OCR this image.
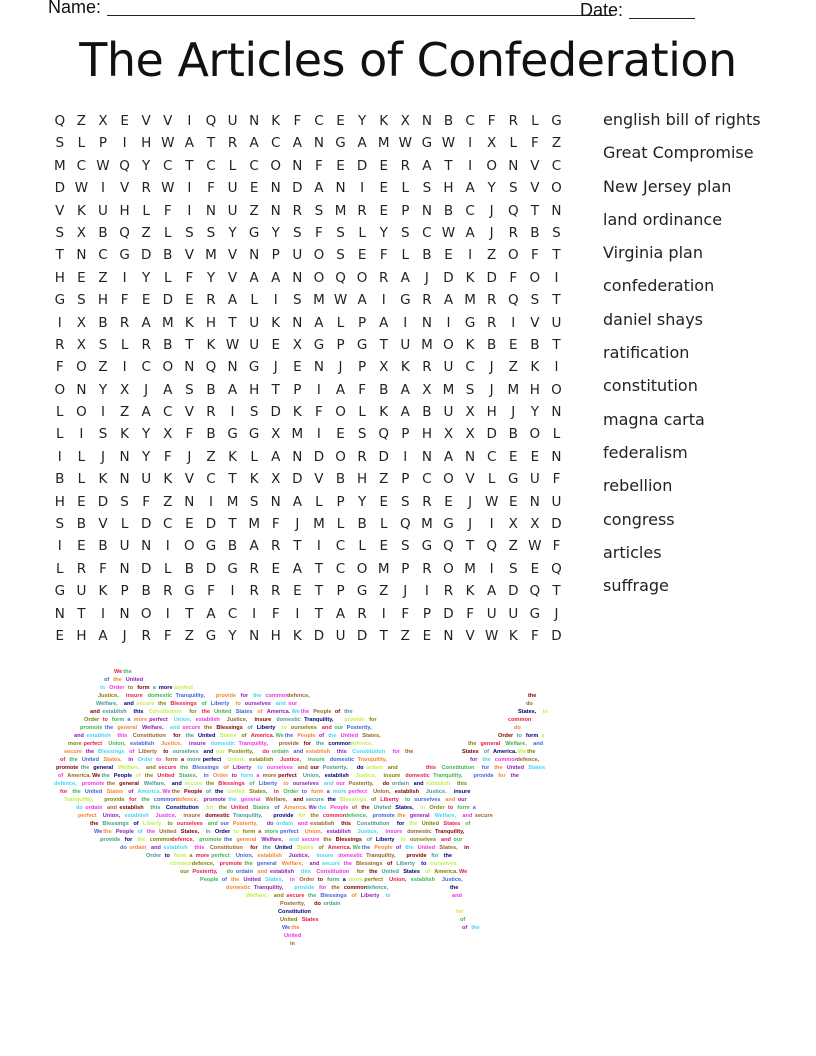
Name:	Date:
The Articles of Confederation
Q Z X E V V	I	Q U N K F C E Y K X N B C F R L G
S	L	P	I	H W A T R A C A N G A M W G W I	X L	F Z
M C W Q Y C T C L C O N F E D E R A T	I	O N V C
D W I	V R W I	F U E N D A N	I	E	L	S H A Y S V O
V K U H L	F	I	N U Z N R S M R E P N B C	J	Q T N
S X B Q Z L	S S Y G Y S F S	L	Y S C W A	J	R B S
T N C G D B V M V N P U O S E F	L B E	I	Z O F	T
H E Z	I	Y	L	F	Y V A A N O Q O R A	J	D K D F O	I
G S H F E D E R A L	I	S M W A	I	G R A M R Q S T
I	X B R A M K H T U K N A L	P A	I	N	I	G R	I	V U
R X S	L R B T K W U E X G P G T U M O K B E B T
F O Z	I	C O N Q N G	J	E N	J	P X K R U C	J	Z K	I
O N Y X	J	A S B A H T P	I	A F B A X M S	J	M H O
L O	I	Z A C V R	I	S D K F O L K A B U X H	J	Y N
L	I	S K Y X F B G G X M	I	E S Q P H X X D B O L
I	L	J	N Y	F	J	Z K L A N D O R D	I	N A N C E E N
B L K N U K V C T K X D V B H Z P C O V L G U F
H E D S F Z N	I	M S N A L	P Y E S R E	J W E N U
S B V L D C E D T M F	J	M L B L Q M G	J	I	X X D
I	E B U N	I	O G B A R T	I	C L	E S G Q T Q Z W F
L R F N D L B D G R E A T C O M P R O M	I	S E Q
G U K P B R G F	I	R R E T P G Z	J	I	R K A D Q T
N T	I	N O	I	T A C	I	F	I	T A R	I	F	P D F U U G	J
E H A	J	R F Z G Y N H K D U D T Z E N V W K F D
english bill of rights
Great Compromise
New Jersey plan
land ordinance
Virginia plan
confederation
daniel shays
ratification
constitution
magna carta
federalism
rebellion
congress
articles
suffrage
We the
of the United
in Order to form a more perfect
Justice, insure domestic Tranquility, provide for the common
defence,	the
Welfare, and secure the Blessings of Liberty to ourselves and our	do
and establish this Constitution for the United States of America. We the People of the	States, in
Order to form a more perfect Union, establish Justice, insure domestic Tranquility, provide for	common
promote the general Welfare, and secure the Blessings of Liberty to ourselves and our Posterity,	do
and establish this Constitution for the United States of America. We the People of the United States,	Order to form a
more perfect Union, establish Justice, insure domestic Tranquility, provide for the common
defence,	the general Welfare, and
secure the Blessings of Liberty to ourselves and our Posterity, do ordain and establish this Constitution for the	States of America. We the
of the United States, in Order to form a more perfect Union, establish Justice, insure domestic Tranquility,	for the common
defence,
promote the general Welfare, and secure the Blessings of Liberty to ourselves and our Posterity, do ordain and	this Constitution for the United States
of America. We the People of the United States, in Order to form a more perfect Union, establish Justice, insure domestic Tranquility, provide for the
defence, promote the general Welfare, and secure the Blessings of Liberty to ourselves and our Posterity, do ordain and establish this
for the United States of America. We the People of the United States, in Order to form a more perfect Union, establish Justice, insure
Tranquility, provide for the common
defence, promote the general Welfare, and secure the Blessings of Liberty to ourselves and our
do ordain and establish this Constitution for the United States of America. We the People of the United States, in Order to form a
perfect Union, establish Justice, insure domestic Tranquility, provide for the common
defence, promote the general Welfare, and secure
the Blessings of Liberty to ourselves and our Posterity, do ordain and establish this Constitution for the United States of
We the People of the United States, in Order to form a more perfect Union, establish Justice, insure domestic Tranquility,
provide for the common
defence, promote the general Welfare, and secure the Blessings of Liberty to ourselves and our
do ordain and establish this Constitution for the United States of America. We the People of the United States, in
Order to form a more perfect Union, establish Justice, insure domestic Tranquility, provide for the
common
defence, promote the general Welfare, and secure the Blessings of Liberty to ourselves
our Posterity, do ordain and establish this Constitution for the United States of America. We
People of the United States, in Order to form a more perfect Union, establish Justice,
domestic Tranquility, provide for the common
defence,	the
Welfare, and secure the Blessings of Liberty to	and
Posterity, do ordain
Constitution	for
United States	of
We the	of the
United
in
